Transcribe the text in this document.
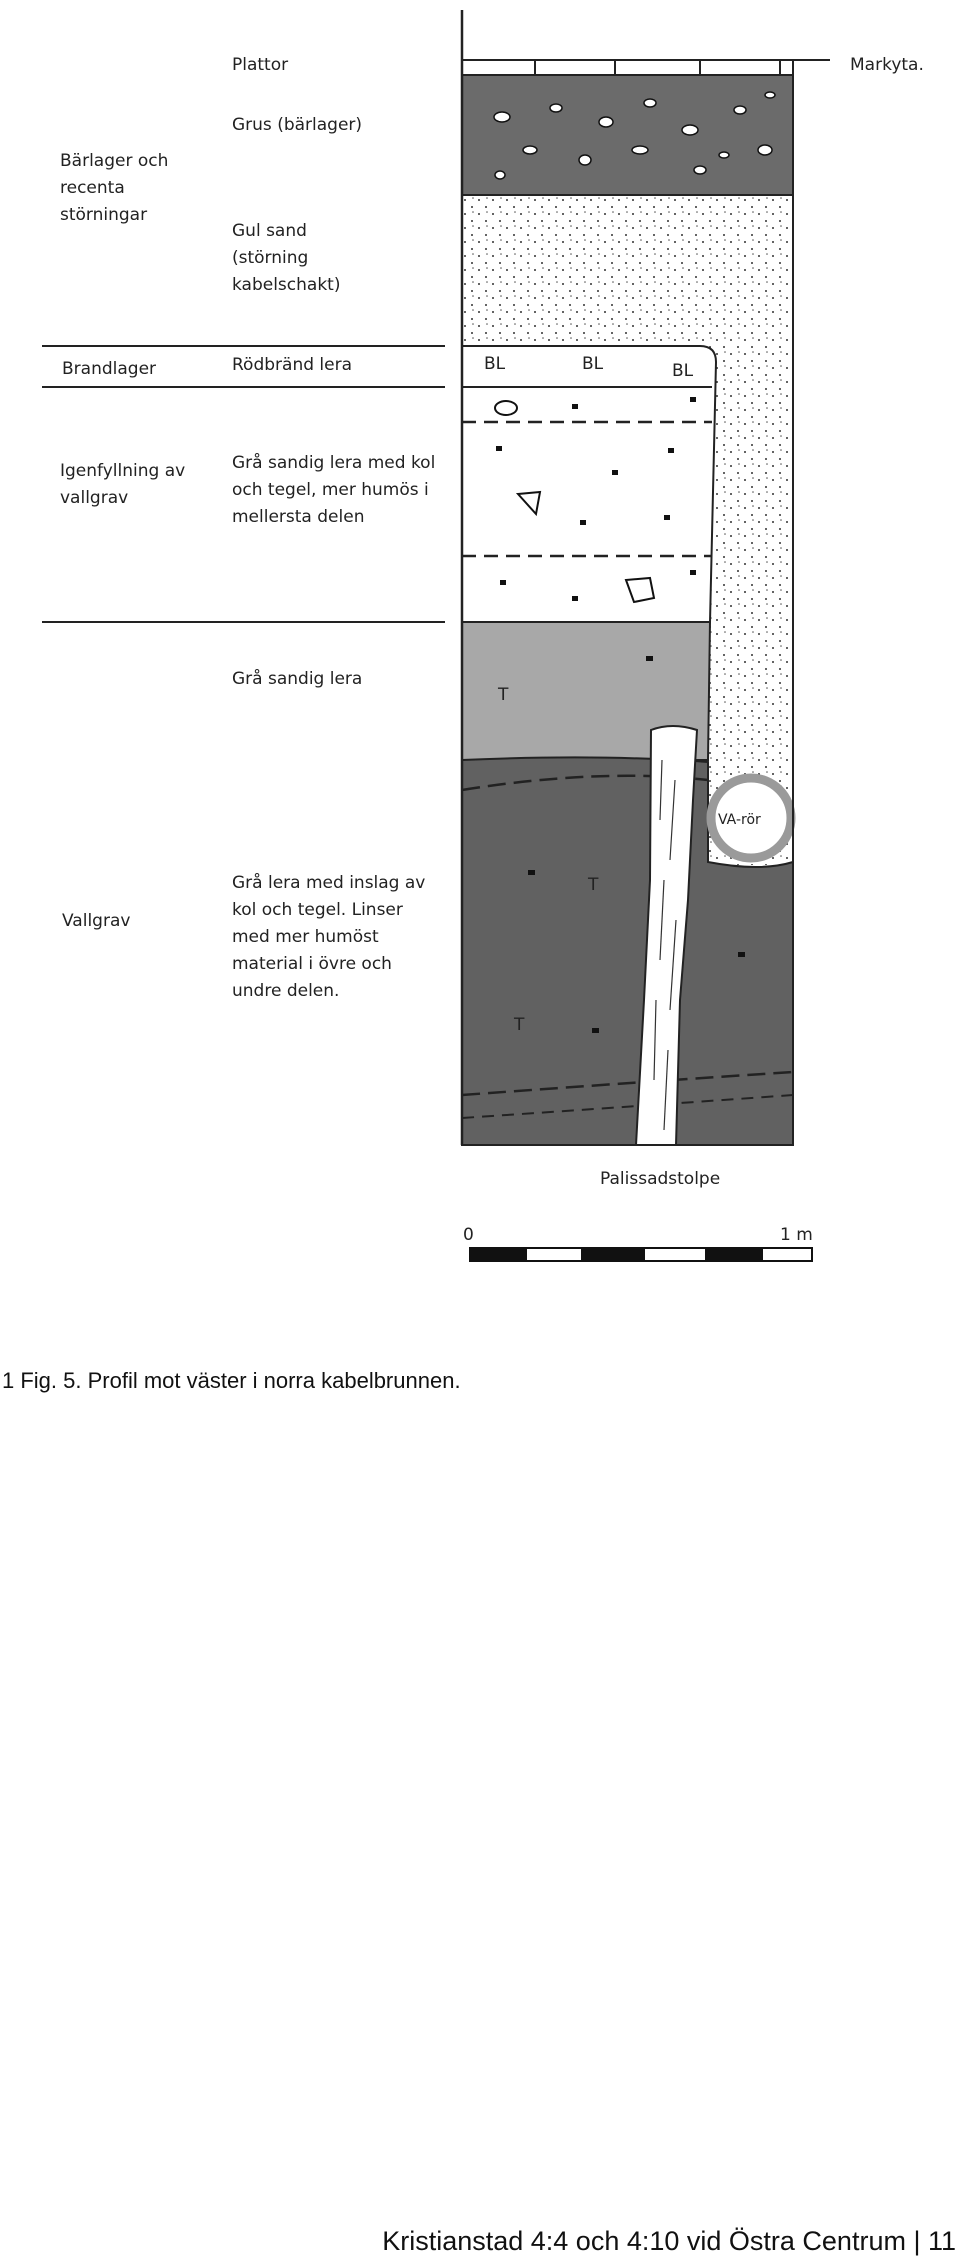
Bärlager och recenta störningar
Brandlager
Igenfyllning av vallgrav
Vallgrav
Plattor
Grus (bärlager)
Gul sand (störning kabelschakt)
Rödbränd lera
Grå sandig lera med kol och tegel, mer humös i mellersta delen
Grå sandig lera
Grå lera med inslag av kol och tegel. Linser med mer humöst material i övre och undre delen.
Markyta.
BL	BL	BL
T
T
T
VA-rör
Palissadstolpe
0	1 m
1 Fig. 5. Profil mot väster i norra kabelbrunnen.
Kristianstad 4:4 och 4:10 vid Östra Centrum | 11
